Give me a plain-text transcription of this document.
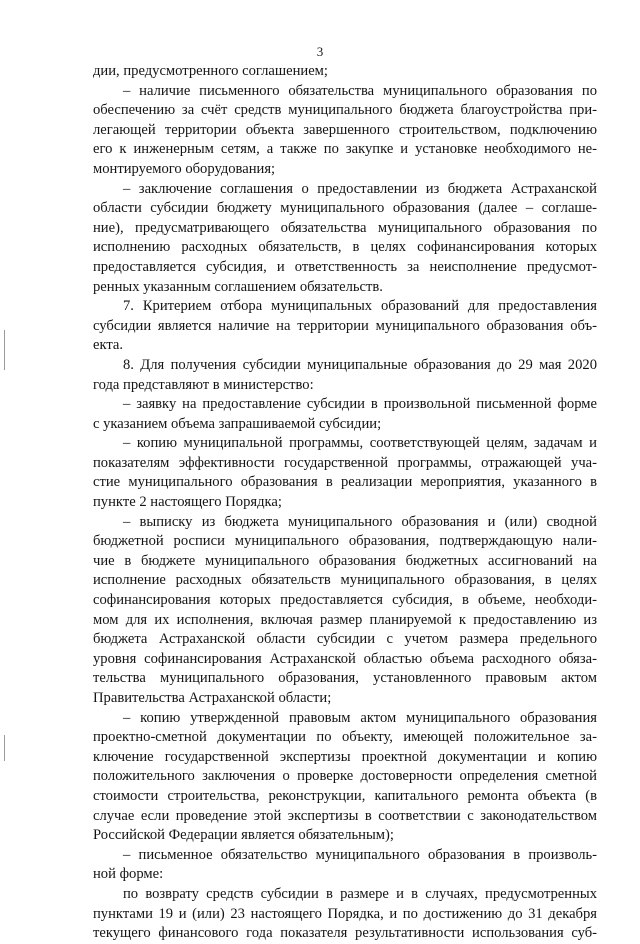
3
дии, предусмотренного соглашением;
– наличие письменного обязательства муниципального образования по
обеспечению за счёт средств муниципального бюджета благоустройства при-
легающей территории объекта завершенного строительством, подключению
его к инженерным сетям, а также по закупке и установке необходимого не-
монтируемого оборудования;
– заключение соглашения о предоставлении из бюджета Астраханской
области субсидии бюджету муниципального образования (далее – соглаше-
ние), предусматривающего обязательства муниципального образования по
исполнению расходных обязательств, в целях софинансирования которых
предоставляется субсидия, и ответственность за неисполнение предусмот-
ренных указанным соглашением обязательств.
7. Критерием отбора муниципальных образований для предоставления
субсидии является наличие на территории муниципального образования объ-
екта.
8. Для получения субсидии муниципальные образования до 29 мая 2020
года представляют в министерство:
– заявку на предоставление субсидии в произвольной письменной форме
с указанием объема запрашиваемой субсидии;
– копию муниципальной программы, соответствующей целям, задачам и
показателям эффективности государственной программы, отражающей уча-
стие муниципального образования в реализации мероприятия, указанного в
пункте 2 настоящего Порядка;
– выписку из бюджета муниципального образования и (или) сводной
бюджетной росписи муниципального образования, подтверждающую нали-
чие в бюджете муниципального образования бюджетных ассигнований на
исполнение расходных обязательств муниципального образования, в целях
софинансирования которых предоставляется субсидия, в объеме, необходи-
мом для их исполнения, включая размер планируемой к предоставлению из
бюджета Астраханской области субсидии с учетом размера предельного
уровня софинансирования Астраханской областью объема расходного обяза-
тельства муниципального образования, установленного правовым актом
Правительства Астраханской области;
– копию утвержденной правовым актом муниципального образования
проектно-сметной документации по объекту, имеющей положительное за-
ключение государственной экспертизы проектной документации и копию
положительного заключения о проверке достоверности определения сметной
стоимости строительства, реконструкции, капитального ремонта объекта (в
случае если проведение этой экспертизы в соответствии с законодательством
Российской Федерации является обязательным);
– письменное обязательство муниципального образования в произволь-
ной форме:
по возврату средств субсидии в размере и в случаях, предусмотренных
пунктами 19 и (или) 23 настоящего Порядка, и по достижению до 31 декабря
текущего финансового года показателя результативности использования суб-
